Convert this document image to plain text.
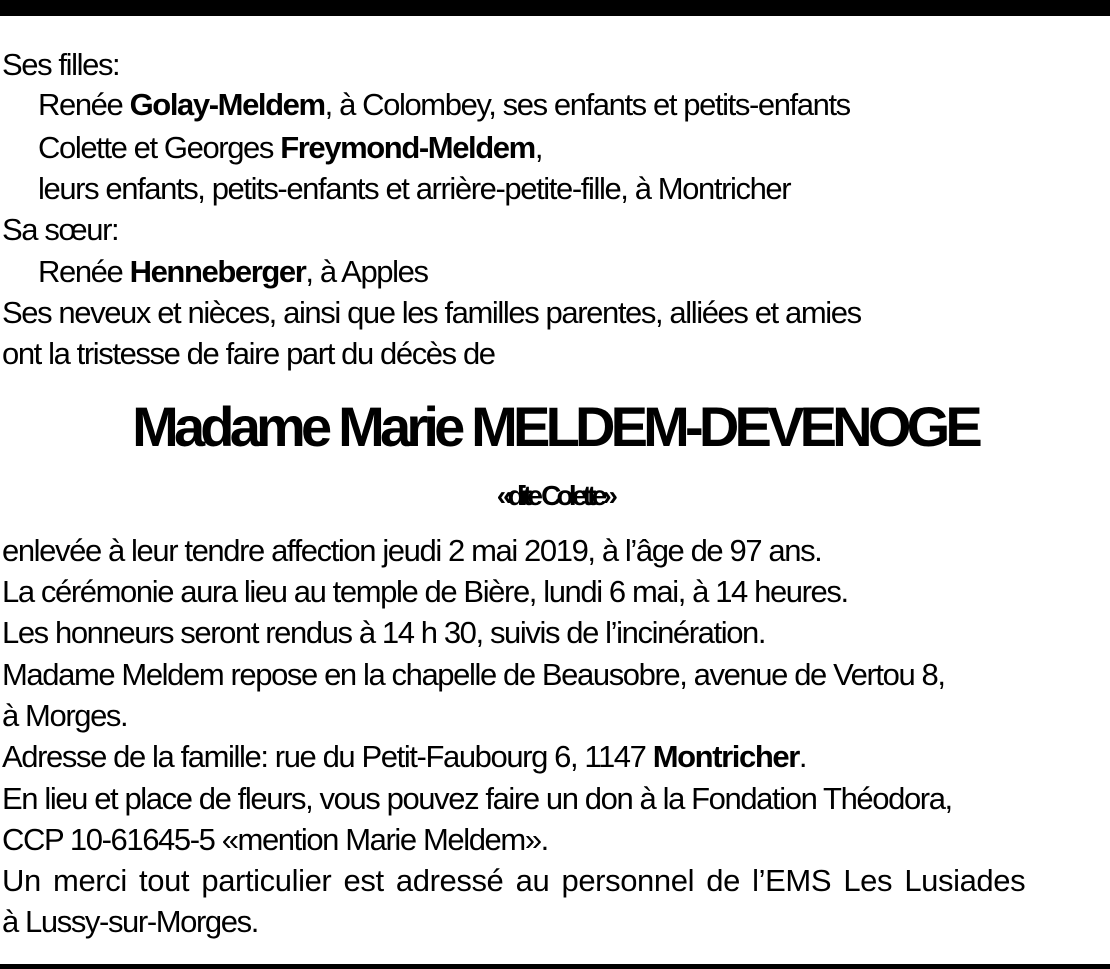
Ses filles:
Renée Golay-Meldem, à Colombey, ses enfants et petits-enfants
Colette et Georges Freymond-Meldem,
leurs enfants, petits-enfants et arrière-petite-fille, à Montricher
Sa sœur:
Renée Henneberger, à Apples
Ses neveux et nièces, ainsi que les familles parentes, alliées et amies
ont la tristesse de faire part du décès de
Madame Marie MELDEM-DEVENOGE
«dite Colette»
enlevée à leur tendre affection jeudi 2 mai 2019, à l’âge de 97 ans.
La cérémonie aura lieu au temple de Bière, lundi 6 mai, à 14 heures.
Les honneurs seront rendus à 14 h 30, suivis de l’incinération.
Madame Meldem repose en la chapelle de Beausobre, avenue de Vertou 8,
à Morges.
Adresse de la famille: rue du Petit-Faubourg 6, 1147 Montricher.
En lieu et place de fleurs, vous pouvez faire un don à la Fondation Théodora,
CCP 10-61645-5 «mention Marie Meldem».
Un merci tout particulier est adressé au personnel de l’EMS Les Lusiades
à Lussy-sur-Morges.
